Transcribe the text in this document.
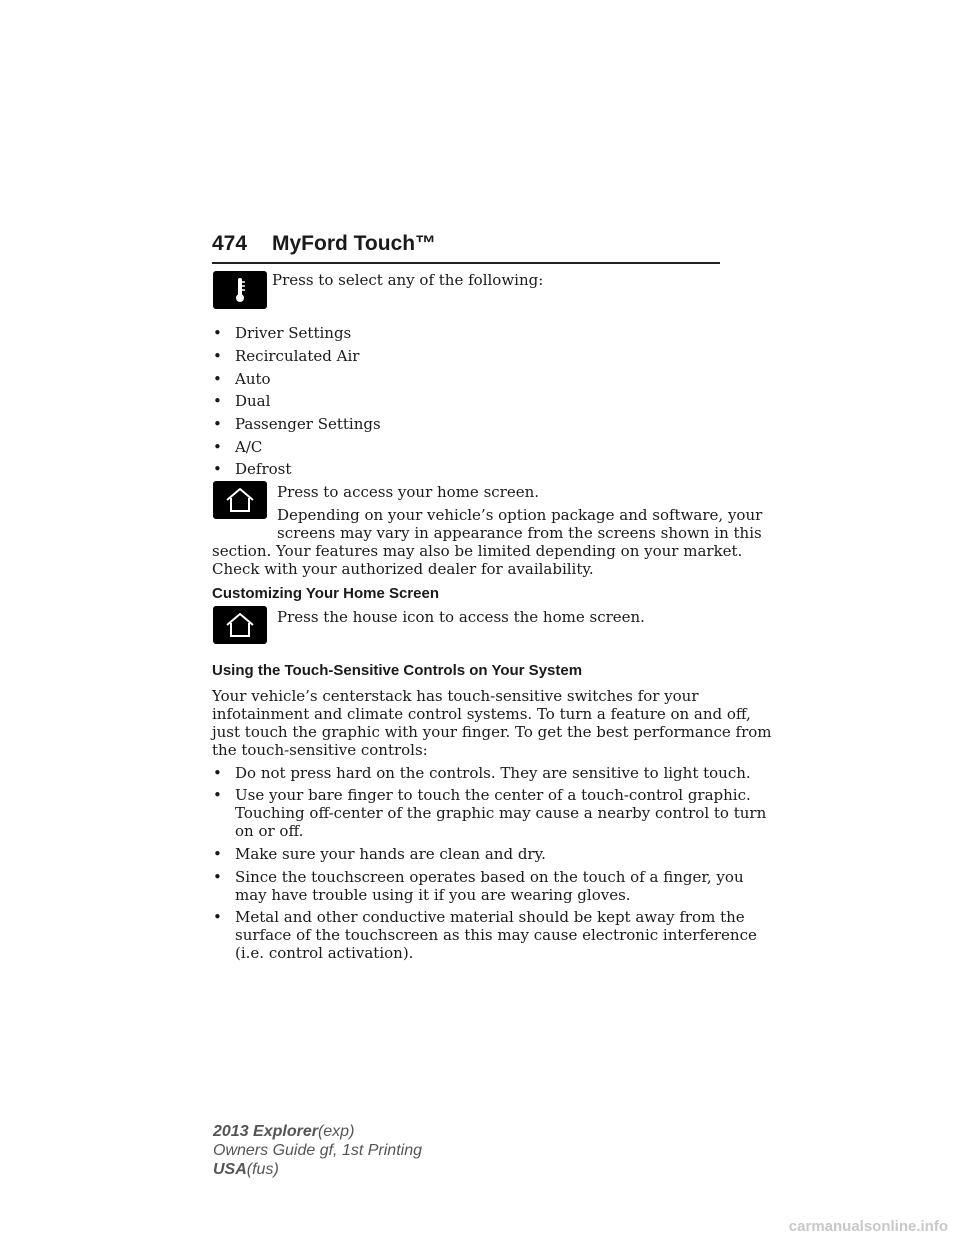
474 MyFord Touch™
Press to select any of the following:
• Driver Settings
• Recirculated Air
• Auto
• Dual
• Passenger Settings
• A/C
• Defrost
Press to access your home screen.
Depending on your vehicle’s option package and software, your
screens may vary in appearance from the screens shown in this
section. Your features may also be limited depending on your market.
Check with your authorized dealer for availability.
Customizing Your Home Screen
Press the house icon to access the home screen.
Using the Touch-Sensitive Controls on Your System
Your vehicle’s centerstack has touch-sensitive switches for your
infotainment and climate control systems. To turn a feature on and off,
just touch the graphic with your finger. To get the best performance from
the touch-sensitive controls:
• Do not press hard on the controls. They are sensitive to light touch.
• Use your bare finger to touch the center of a touch-control graphic.
Touching off-center of the graphic may cause a nearby control to turn
on or off.
• Make sure your hands are clean and dry.
• Since the touchscreen operates based on the touch of a finger, you
may have trouble using it if you are wearing gloves.
• Metal and other conductive material should be kept away from the
surface of the touchscreen as this may cause electronic interference
(i.e. control activation).
2013 Explorer(exp)
Owners Guide gf, 1st Printing
USA(fus)
carmanualsonline.info
